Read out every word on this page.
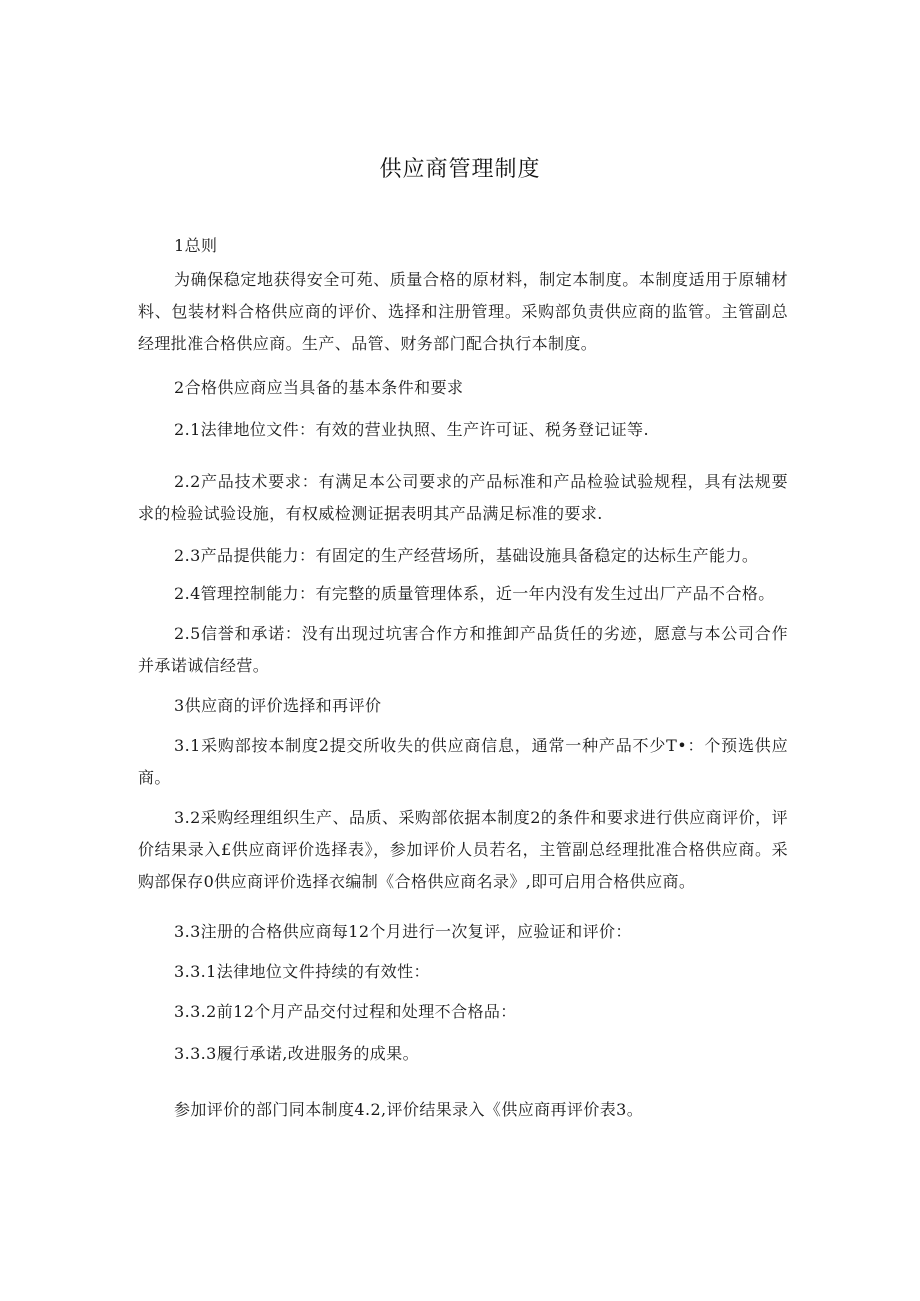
供应商管理制度

1总则

为确保稳定地获得安全可苑、质量合格的原材料，制定本制度。本制度适用于原辅材料、包装材料合格供应商的评价、选择和注册管理。采购部负责供应商的监管。主管副总经理批准合格供应商。生产、品管、财务部门配合执行本制度。

2合格供应商应当具备的基本条件和要求

2.1法律地位文件：有效的营业执照、生产许可证、税务登记证等.

2.2产品技术要求：有满足本公司要求的产品标准和产品检验试验规程，具有法规要求的检验试验设施，有权威检测证据表明其产品满足标准的要求.

2.3产品提供能力：有固定的生产经营场所，基础设施具备稳定的达标生产能力。

2.4管理控制能力：有完整的质量管理体系，近一年内没有发生过出厂产品不合格。

2.5信誉和承诺：没有出现过坑害合作方和推卸产品货任的劣迹，愿意与本公司合作并承诺诚信经营。

3供应商的评价选择和再评价

3.1采购部按本制度2提交所收失的供应商信息，通常一种产品不少T•：个预选供应商。

3.2采购经理组织生产、品质、采购部依据本制度2的条件和要求进行供应商评价，评价结果录入£供应商评价选择表》，参加评价人员若名，主管副总经理批准合格供应商。采购部保存0供应商评价选择衣编制《合格供应商名录》,即可启用合格供应商。

3.3注册的合格供应商每12个月进行一次复评，应验证和评价：

3.3.1法律地位文件持续的有效性：

3.3.2前12个月产品交付过程和处理不合格品：

3.3.3履行承诺,改进服务的成果。

参加评价的部门同本制度4.2,评价结果录入《供应商再评价表3。
